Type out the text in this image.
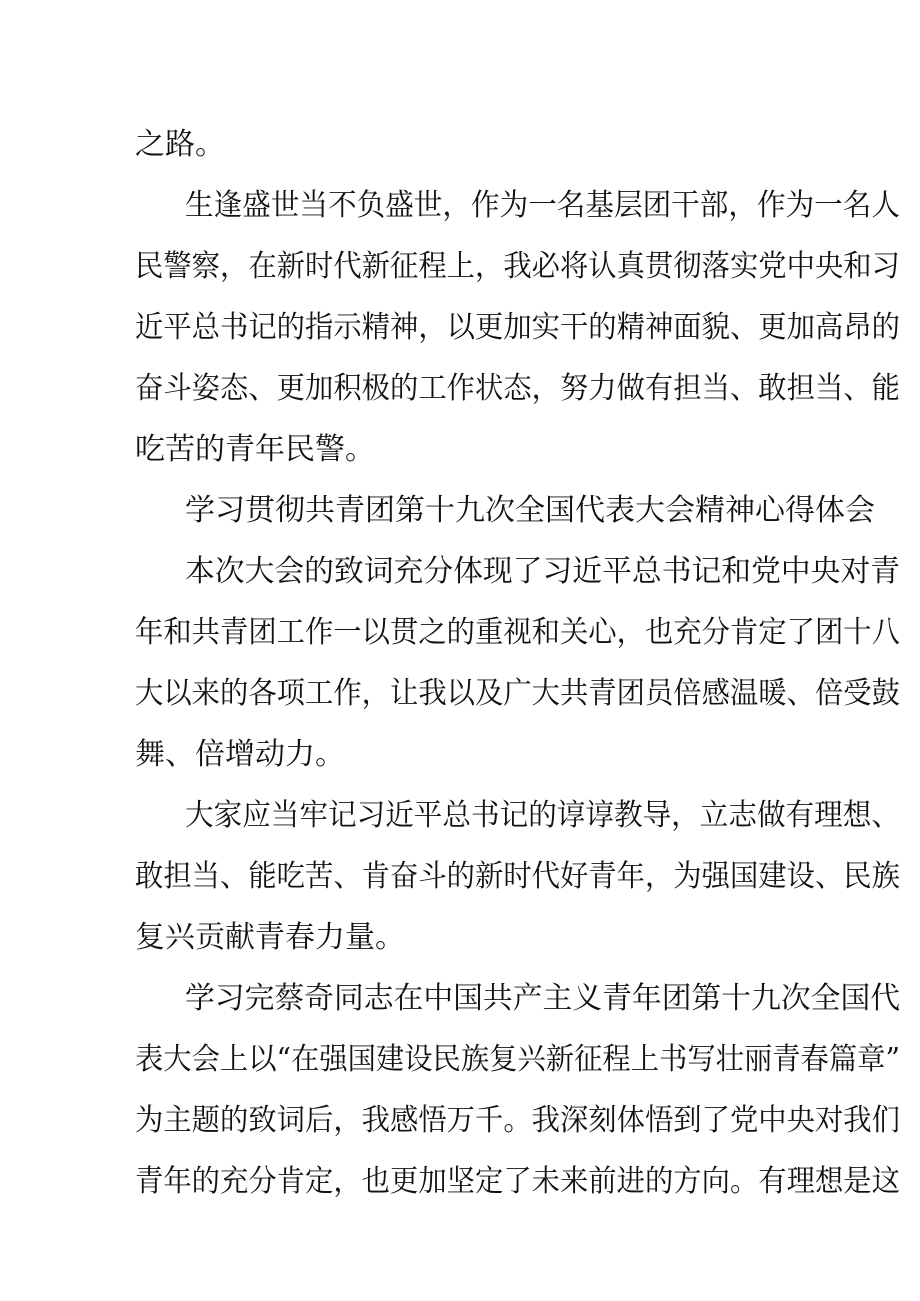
之路。
生逢盛世当不负盛世，作为一名基层团干部，作为一名人
民警察，在新时代新征程上，我必将认真贯彻落实党中央和习
近平总书记的指示精神，以更加实干的精神面貌、更加高昂的
奋斗姿态、更加积极的工作状态，努力做有担当、敢担当、能
吃苦的青年民警。
学习贯彻共青团第十九次全国代表大会精神心得体会
本次大会的致词充分体现了习近平总书记和党中央对青
年和共青团工作一以贯之的重视和关心，也充分肯定了团十八
大以来的各项工作，让我以及广大共青团员倍感温暖、倍受鼓
舞、倍增动力。
大家应当牢记习近平总书记的谆谆教导，立志做有理想、
敢担当、能吃苦、肯奋斗的新时代好青年，为强国建设、民族
复兴贡献青春力量。
学习完蔡奇同志在中国共产主义青年团第十九次全国代
表大会上以“在强国建设民族复兴新征程上书写壮丽青春篇章”
为主题的致词后，我感悟万千。我深刻体悟到了党中央对我们
青年的充分肯定，也更加坚定了未来前进的方向。有理想是这
